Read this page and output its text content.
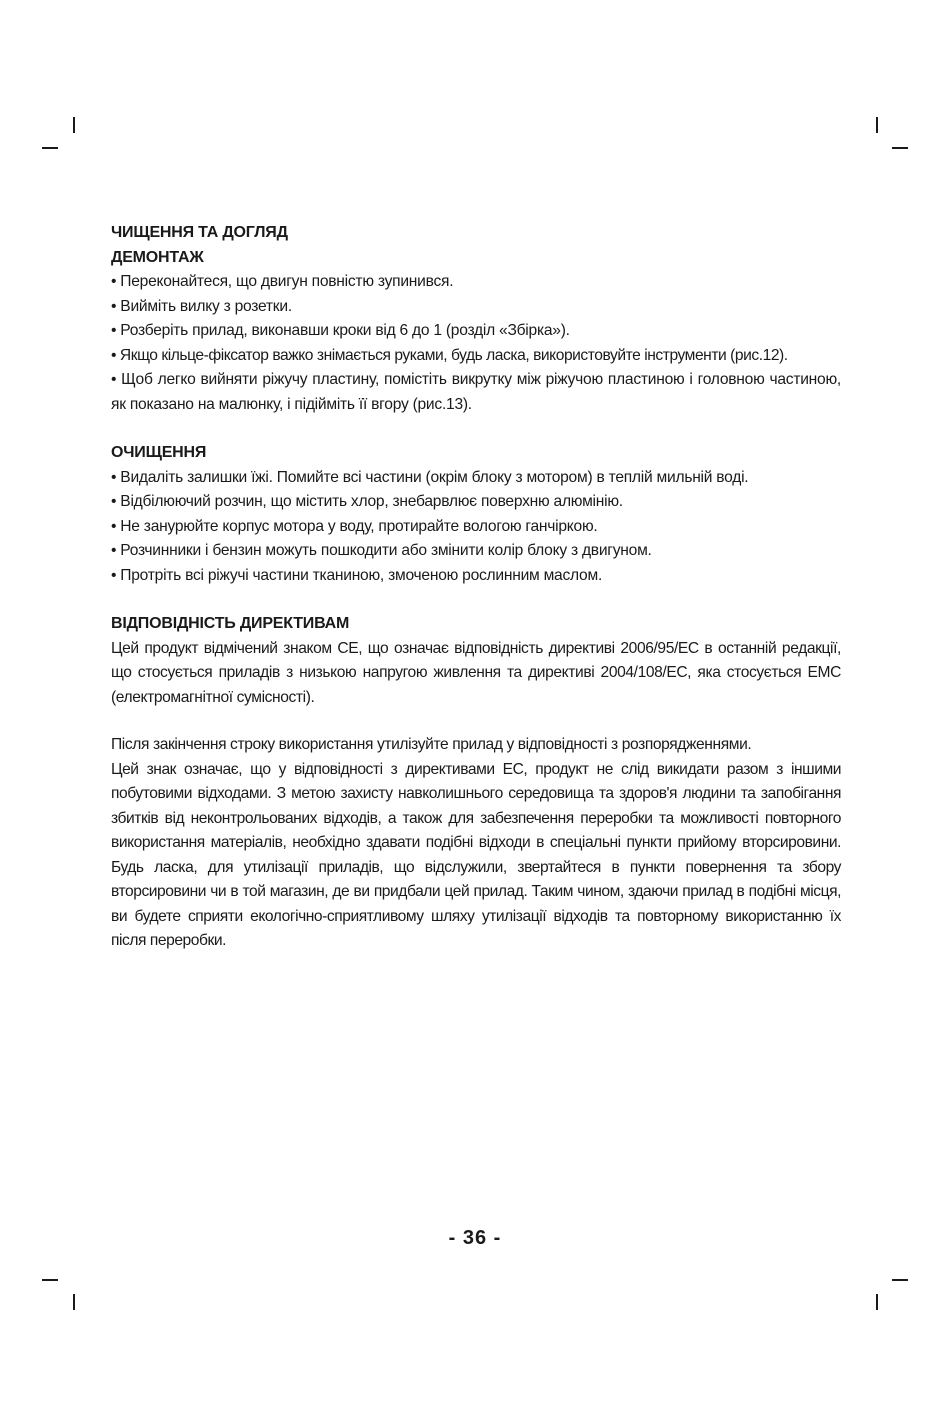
ЧИЩЕННЯ ТА ДОГЛЯД
ДЕМОНТАЖ

• Переконайтеся, що двигун повністю зупинився.

• Вийміть вилку з розетки.

• Розберіть прилад, виконавши кроки від 6 до 1 (розділ «Збірка»).

• Якщо кільце-фіксатор важко знімається руками, будь ласка, використовуйте інструменти (рис.12).

• Щоб легко вийняти ріжучу пластину, помістіть викрутку між ріжучою пластиною і головною частиною, як показано на малюнку, і підійміть її вгору (рис.13).

ОЧИЩЕННЯ

• Видаліть залишки їжі. Помийте всі частини (окрім блоку з мотором) в теплій мильній воді.

• Відбілюючий розчин, що містить хлор, знебарвлює поверхню алюмінію.

• Не занурюйте корпус мотора у воду, протирайте вологою ганчіркою.

• Розчинники і бензин можуть пошкодити або змінити колір блоку з двигуном.

• Протріть всі ріжучі частини тканиною, змоченою рослинним маслом.

ВІДПОВІДНІСТЬ ДИРЕКТИВАМ

Цей продукт відмічений знаком CE, що означає відповідність директиві 2006/95/ЕС в останній редакції, що стосується приладів з низькою напругою живлення та директиві 2004/108/ЕС, яка стосується ЕМС (електромагнітної сумісності).

Після закінчення строку використання утилізуйте прилад у відповідності з розпорядженнями.

Цей знак означає, що у відповідності з директивами ЕС, продукт не слід викидати разом з іншими побутовими відходами. З метою захисту навколишнього середовища та здоров'я людини та запобігання збитків від неконтрольованих відходів, а також для забезпечення переробки та можливості повторного використання матеріалів, необхідно здавати подібні відходи в спеціальні пункти прийому вторсировини. Будь ласка, для утилізації приладів, що відслужили, звертайтеся в пункти повернення та збору вторсировини чи в той магазин, де ви придбали цей прилад. Таким чином, здаючи прилад в подібні місця, ви будете сприяти екологічно-сприятливому шляху утилізації відходів та повторному використанню їх після переробки.

- 36 -
